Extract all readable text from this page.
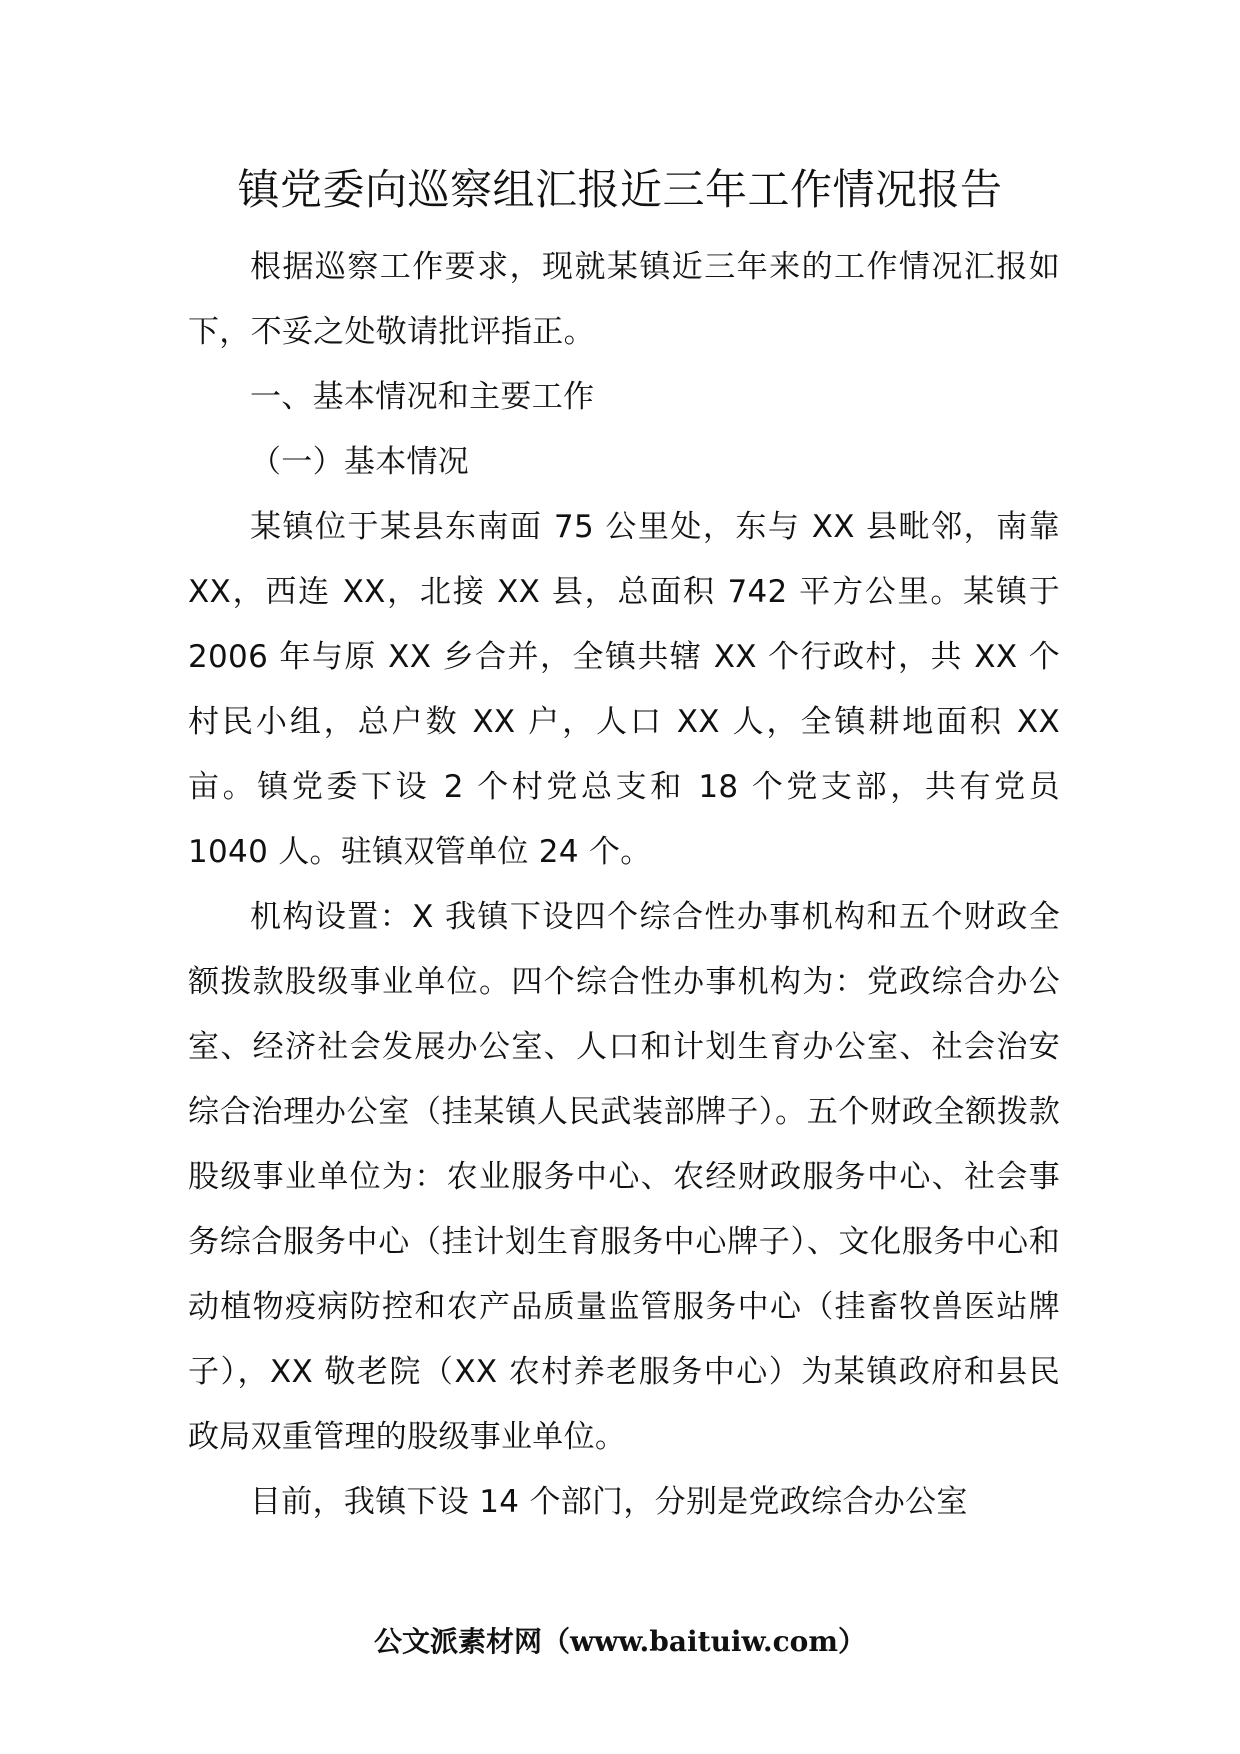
镇党委向巡察组汇报近三年工作情况报告

根据巡察工作要求，现就某镇近三年来的工作情况汇报如下，不妥之处敬请批评指正。

一、基本情况和主要工作

（一）基本情况

某镇位于某县东南面 75 公里处，东与 XX 县毗邻，南靠 XX，西连 XX，北接 XX 县，总面积 742 平方公里。某镇于 2006 年与原 XX 乡合并，全镇共辖 XX 个行政村，共 XX 个村民小组，总户数 XX 户，人口 XX 人，全镇耕地面积 XX 亩。镇党委下设 2 个村党总支和 18 个党支部，共有党员 1040 人。驻镇双管单位 24 个。

机构设置：X 我镇下设四个综合性办事机构和五个财政全额拨款股级事业单位。四个综合性办事机构为：党政综合办公室、经济社会发展办公室、人口和计划生育办公室、社会治安综合治理办公室（挂某镇人民武装部牌子）。五个财政全额拨款股级事业单位为：农业服务中心、农经财政服务中心、社会事务综合服务中心（挂计划生育服务中心牌子）、文化服务中心和动植物疫病防控和农产品质量监管服务中心（挂畜牧兽医站牌子），XX 敬老院（XX 农村养老服务中心）为某镇政府和县民政局双重管理的股级事业单位。

目前，我镇下设 14 个部门，分别是党政综合办公室

公文派素材网（www.baituiw.com）
